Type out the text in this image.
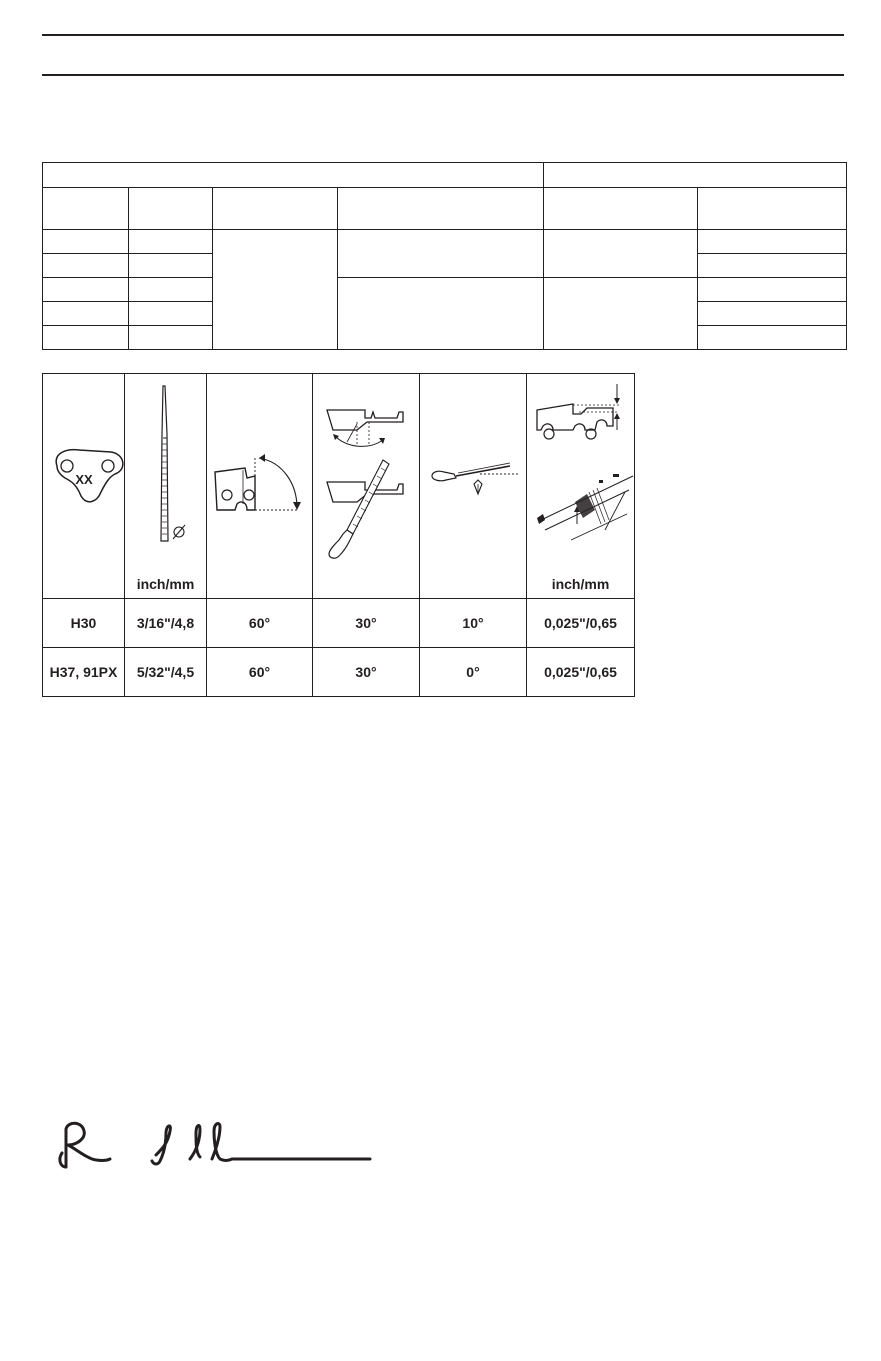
XX	inch/mm				inch/mm

H30	3/16"/4,8	60°	30°	10°	0,025"/0,65
H37, 91PX	5/32"/4,5	60°	30°	0°	0,025"/0,65
